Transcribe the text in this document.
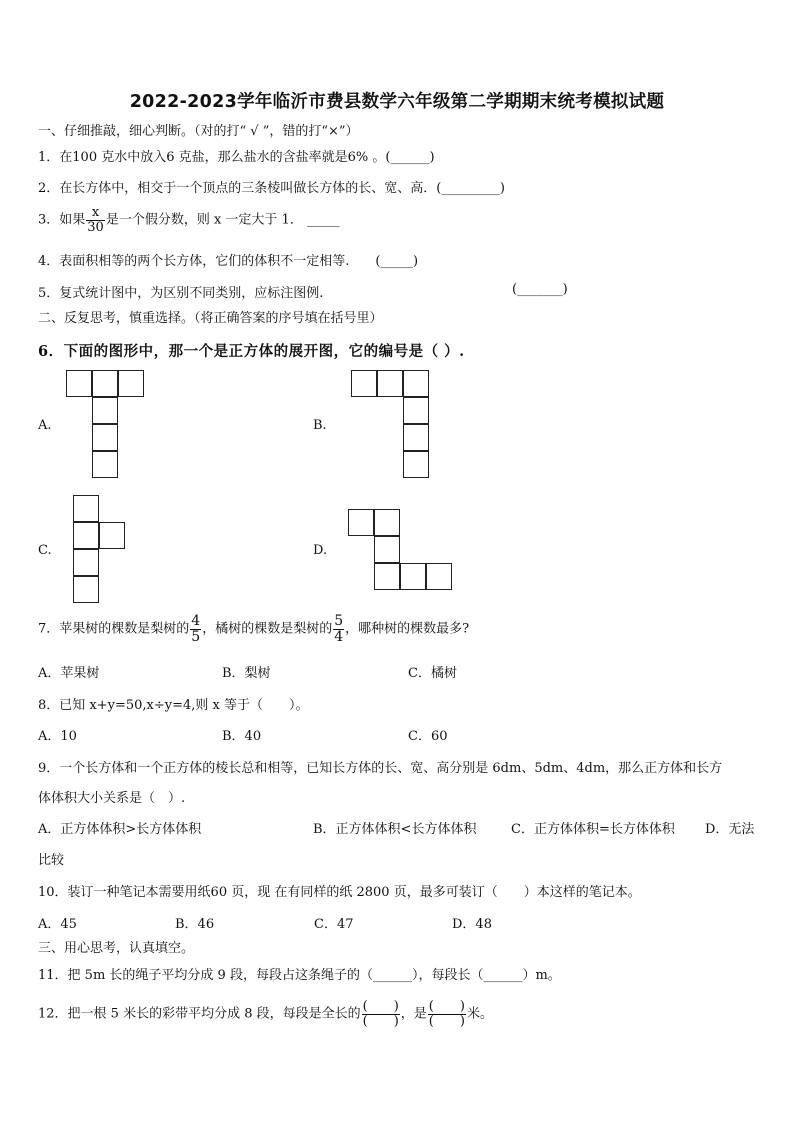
2022-2023学年临沂市费县数学六年级第二学期期末统考模拟试题
一、仔细推敲，细心判断。（对的打“ √ ”，错的打“×”）
1．在100 克水中放入6 克盐，那么盐水的含盐率就是6% 。(______)
2．在长方体中，相交于一个顶点的三条棱叫做长方体的长、宽、高．(_________)
3．如果 $\frac{x}{30}$ 是一个假分数，则 x 一定大于 1． _____
4．表面积相等的两个长方体，它们的体积不一定相等.　　(_____)
5．复式统计图中，为区别不同类别，应标注图例.	(_______)
二、反复思考，慎重选择。（将正确答案的序号填在括号里）
6．下面的图形中，那一个是正方体的展开图，它的编号是（ ）.
A.	B.
C.	D.
7．苹果树的棵数是梨树的 $\frac{4}{5}$ ，橘树的棵数是梨树的 $\frac{5}{4}$ ，哪种树的棵数最多?
A．苹果树	B．梨树	C．橘树
8．已知 x+y=50,x÷y=4,则 x 等于（　　）。
A．10	B．40	C．60
9．一个长方体和一个正方体的棱长总和相等，已知长方体的长、宽、高分别是 6dm、5dm、4dm，那么正方体和长方
体体积大小关系是（　）.
A．正方体体积>长方体体积	B．正方体体积<长方体体积	C．正方体体积=长方体体积 D．无法
比较
10．装订一种笔记本需要用纸60 页，现 在有同样的纸 2800 页，最多可装订（　　）本这样的笔记本。
A．45	B．46	C．47	D．48
三、用心思考，认真填空。
11．把 5m 长的绳子平均分成 9 段，每段占这条绳子的（______），每段长（______）m。
12．把一根 5 米长的彩带平均分成 8 段，每段是全长的 $\frac{( )}{( )}$ ，是 $\frac{( )}{( )}$ 米。
